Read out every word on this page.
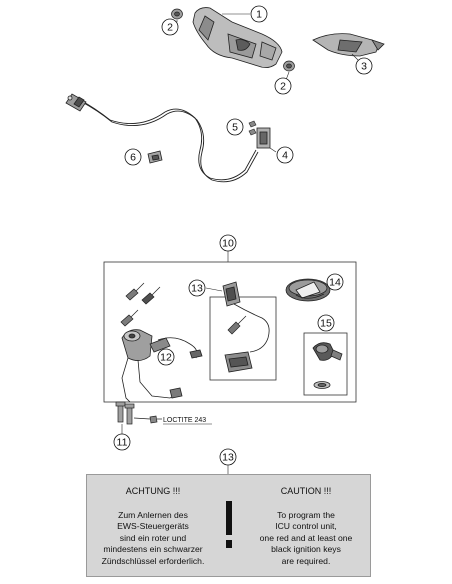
1
2
2
3
4
5
6
10
11
12
13
13
14
15
LOCTITE 243
ACHTUNG !!!
Zum Anlernen des
EWS-Steuergeräts
sind ein roter und
mindestens ein schwarzer
Zündschlüssel erforderlich.
CAUTION !!!
To program the
ICU control unit,
one red and at least one
black ignition keys
are required.
